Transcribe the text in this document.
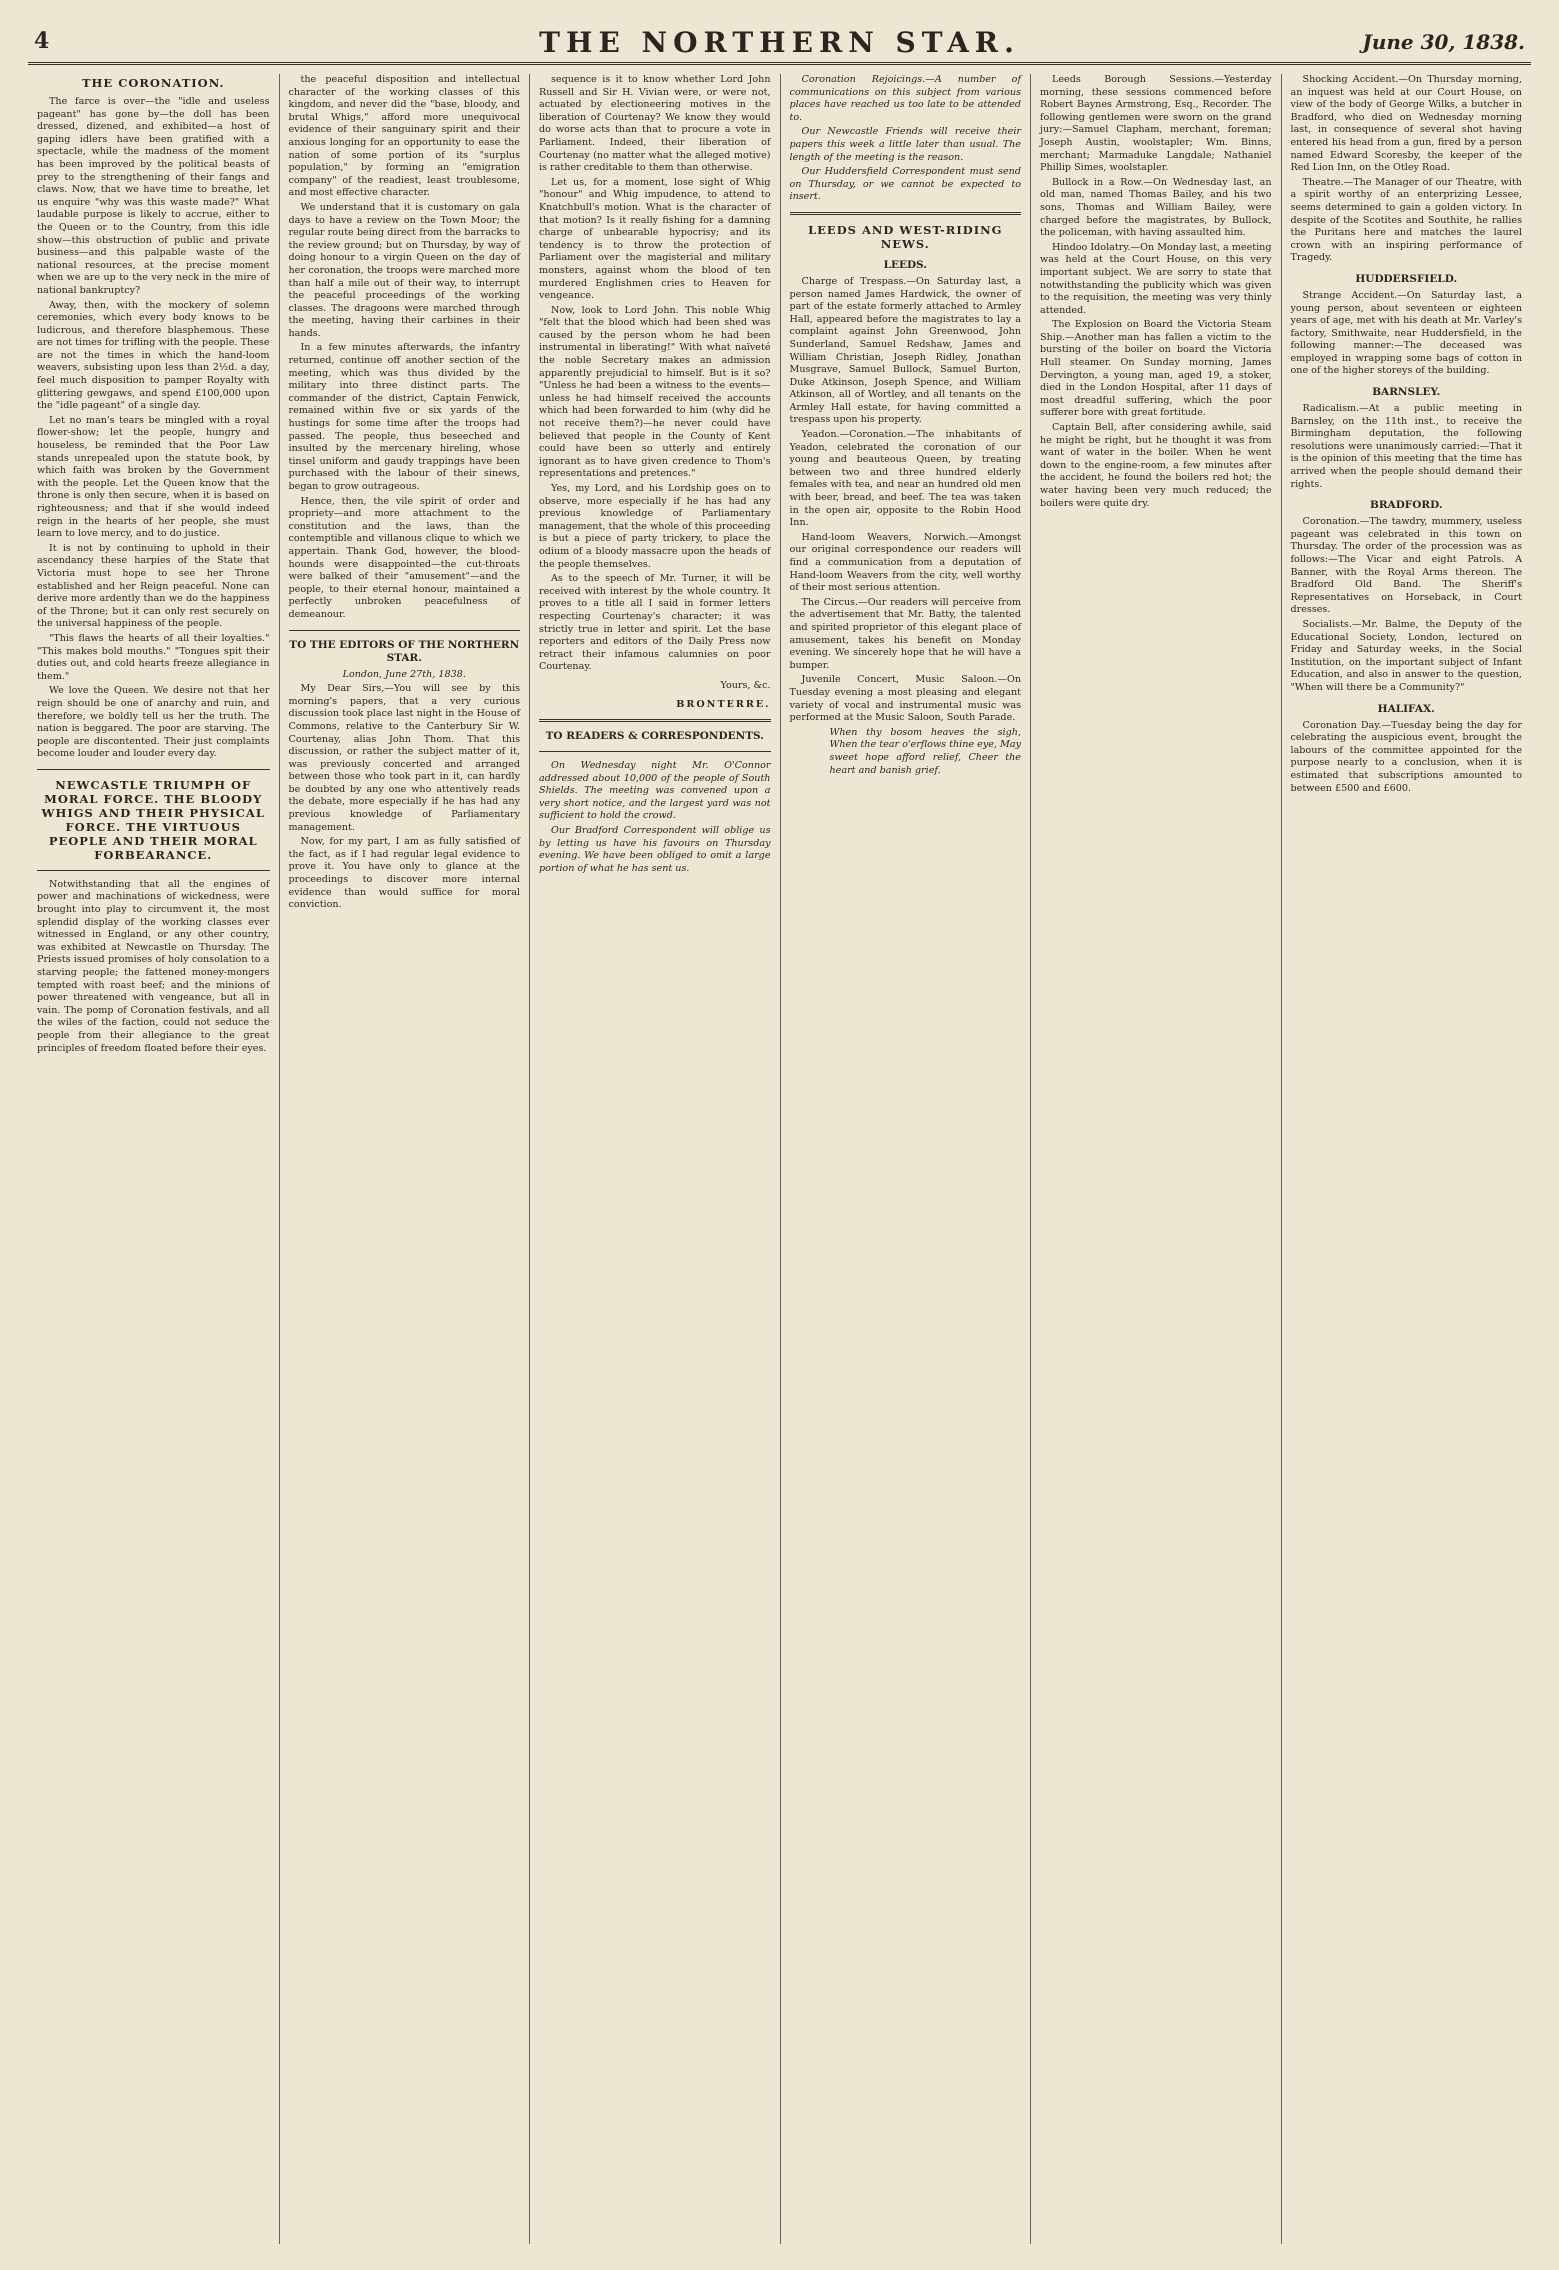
4	THE NORTHERN STAR.	June 30, 1838.
THE CORONATION.

The farce is over—the "idle and useless pageant" has gone by—the doll has been dressed, dizened, and exhibited—a host of gaping idlers have been gratified with a spectacle, while the madness of the moment has been improved by the political beasts of prey to the strengthening of their fangs and claws. Now, that we have time to breathe, let us enquire "why was this waste made?" What laudable purpose is likely to accrue, either to the Queen or to the Country, from this idle show—this obstruction of public and private business—and this palpable waste of the national resources, at the precise moment when we are up to the very neck in the mire of national bankruptcy?

Away, then, with the mockery of solemn ceremonies, which every body knows to be ludicrous, and therefore blasphemous. These are not times for trifling with the people. These are not the times in which the hand-loom weavers, subsisting upon less than 2½d. a day, feel much disposition to pamper Royalty with glittering gewgaws, and spend £100,000 upon the "idle pageant" of a single day.

Let no man's tears be mingled with a royal flower-show; let the people, hungry and houseless, be reminded that the Poor Law stands unrepealed upon the statute book, by which faith was broken by the Government with the people. Let the Queen know that the throne is only then secure, when it is based on righteousness; and that if she would indeed reign in the hearts of her people, she must learn to love mercy, and to do justice.

It is not by continuing to uphold in their ascendancy these harpies of the State that Victoria must hope to see her Throne established and her Reign peaceful. None can derive more ardently than we do the happiness of the Throne; but it can only rest securely on the universal happiness of the people.

"This flaws the hearts of all their loyalties." "This makes bold mouths." "Tongues spit their duties out, and cold hearts freeze allegiance in them."

We love the Queen. We desire not that her reign should be one of anarchy and ruin, and therefore, we boldly tell us her the truth. The nation is beggared. The poor are starving. The people are discontented. Their just complaints become louder and louder every day.

NEWCASTLE TRIUMPH OF MORAL FORCE. THE BLOODY WHIGS AND THEIR PHYSICAL FORCE. THE VIRTUOUS PEOPLE AND THEIR MORAL FORBEARANCE.

Notwithstanding that all the engines of power and machinations of wickedness, were brought into play to circumvent it, the most splendid display of the working classes ever witnessed in England, or any other country, was exhibited at Newcastle on Thursday. The Priests issued promises of holy consolation to a starving people; the fattened money-mongers tempted with roast beef; and the minions of power threatened with vengeance, but all in vain. The pomp of Coronation festivals, and all the wiles of the faction, could not seduce the people from their allegiance to the great principles of freedom floated before their eyes.

the peaceful disposition and intellectual character of the working classes of this kingdom, and never did the "base, bloody, and brutal Whigs," afford more unequivocal evidence of their sanguinary spirit and their anxious longing for an opportunity to ease the nation of some portion of its "surplus population," by forming an "emigration company" of the readiest, least troublesome, and most effective character.

We understand that it is customary on gala days to have a review on the Town Moor; the regular route being direct from the barracks to the review ground; but on Thursday, by way of doing honour to a virgin Queen on the day of her coronation, the troops were marched more than half a mile out of their way, to interrupt the peaceful proceedings of the working classes. The dragoons were marched through the meeting, having their carbines in their hands.

In a few minutes afterwards, the infantry returned, continue off another section of the meeting, which was thus divided by the military into three distinct parts. The commander of the district, Captain Fenwick, remained within five or six yards of the hustings for some time after the troops had passed. The people, thus beseeched and insulted by the mercenary hireling, whose tinsel uniform and gaudy trappings have been purchased with the labour of their sinews, began to grow outrageous.

Hence, then, the vile spirit of order and propriety—and more attachment to the constitution and the laws, than the contemptible and villanous clique to which we appertain. Thank God, however, the blood-hounds were disappointed—the cut-throats were balked of their "amusement"—and the people, to their eternal honour, maintained a perfectly unbroken peacefulness of demeanour.

TO THE EDITORS OF THE NORTHERN STAR.

London, June 27th, 1838.

My Dear Sirs,—You will see by this morning's papers, that a very curious discussion took place last night in the House of Commons, relative to the Canterbury Sir W. Courtenay, alias John Thom. That this discussion, or rather the subject matter of it, was previously concerted and arranged between those who took part in it, can hardly be doubted by any one who attentively reads the debate, more especially if he has had any previous knowledge of Parliamentary management.

Now, for my part, I am as fully satisfied of the fact, as if I had regular legal evidence to prove it. You have only to glance at the proceedings to discover more internal evidence than would suffice for moral conviction.

sequence is it to know whether Lord John Russell and Sir H. Vivian were, or were not, actuated by electioneering motives in the liberation of Courtenay? We know they would do worse acts than that to procure a vote in Parliament. Indeed, their liberation of Courtenay (no matter what the alleged motive) is rather creditable to them than otherwise.

Let us, for a moment, lose sight of Whig "honour" and Whig impudence, to attend to Knatchbull's motion. What is the character of that motion? Is it really fishing for a damning charge of unbearable hypocrisy; and its tendency is to throw the protection of Parliament over the magisterial and military monsters, against whom the blood of ten murdered Englishmen cries to Heaven for vengeance.

Now, look to Lord John. This noble Whig "felt that the blood which had been shed was caused by the person whom he had been instrumental in liberating!" With what naïveté the noble Secretary makes an admission apparently prejudicial to himself. But is it so? "Unless he had been a witness to the events—unless he had himself received the accounts which had been forwarded to him (why did he not receive them?)—he never could have believed that people in the County of Kent could have been so utterly and entirely ignorant as to have given credence to Thom's representations and pretences."

Yes, my Lord, and his Lordship goes on to observe, more especially if he has had any previous knowledge of Parliamentary management, that the whole of this proceeding is but a piece of party trickery, to place the odium of a bloody massacre upon the heads of the people themselves.

As to the speech of Mr. Turner, it will be received with interest by the whole country. It proves to a title all I said in former letters respecting Courtenay's character; it was strictly true in letter and spirit. Let the base reporters and editors of the Daily Press now retract their infamous calumnies on poor Courtenay.

Yours, &c.

BRONTERRE.

TO READERS & CORRESPONDENTS.

On Wednesday night Mr. O'Connor addressed about 10,000 of the people of South Shields. The meeting was convened upon a very short notice, and the largest yard was not sufficient to hold the crowd.

Our Bradford Correspondent will oblige us by letting us have his favours on Thursday evening. We have been obliged to omit a large portion of what he has sent us.

Coronation Rejoicings.—A number of communications on this subject from various places have reached us too late to be attended to.

Our Newcastle Friends will receive their papers this week a little later than usual. The length of the meeting is the reason.

Our Huddersfield Correspondent must send on Thursday, or we cannot be expected to insert.

LEEDS AND WEST-RIDING NEWS.
LEEDS.

Charge of Trespass.—On Saturday last, a person named James Hardwick, the owner of part of the estate formerly attached to Armley Hall, appeared before the magistrates to lay a complaint against John Greenwood, John Sunderland, Samuel Redshaw, James and William Christian, Joseph Ridley, Jonathan Musgrave, Samuel Bullock, Samuel Burton, Duke Atkinson, Joseph Spence, and William Atkinson, all of Wortley, and all tenants on the Armley Hall estate, for having committed a trespass upon his property.

Yeadon.—Coronation.—The inhabitants of Yeadon, celebrated the coronation of our young and beauteous Queen, by treating between two and three hundred elderly females with tea, and near an hundred old men with beer, bread, and beef. The tea was taken in the open air, opposite to the Robin Hood Inn.

Hand-loom Weavers, Norwich.—Amongst our original correspondence our readers will find a communication from a deputation of Hand-loom Weavers from the city, well worthy of their most serious attention.

The Circus.—Our readers will perceive from the advertisement that Mr. Batty, the talented and spirited proprietor of this elegant place of amusement, takes his benefit on Monday evening. We sincerely hope that he will have a bumper.

Juvenile Concert, Music Saloon.—On Tuesday evening a most pleasing and elegant variety of vocal and instrumental music was performed at the Music Saloon, South Parade.

When thy bosom heaves the sigh, When the tear o'erflows thine eye, May sweet hope afford relief, Cheer the heart and banish grief.

Leeds Borough Sessions.—Yesterday morning, these sessions commenced before Robert Baynes Armstrong, Esq., Recorder. The following gentlemen were sworn on the grand jury:—Samuel Clapham, merchant, foreman; Joseph Austin, woolstapler; Wm. Binns, merchant; Marmaduke Langdale; Nathaniel Phillip Simes, woolstapler.

Bullock in a Row.—On Wednesday last, an old man, named Thomas Bailey, and his two sons, Thomas and William Bailey, were charged before the magistrates, by Bullock, the policeman, with having assaulted him.

Hindoo Idolatry.—On Monday last, a meeting was held at the Court House, on this very important subject. We are sorry to state that notwithstanding the publicity which was given to the requisition, the meeting was very thinly attended.

The Explosion on Board the Victoria Steam Ship.—Another man has fallen a victim to the bursting of the boiler on board the Victoria Hull steamer. On Sunday morning, James Dervington, a young man, aged 19, a stoker, died in the London Hospital, after 11 days of most dreadful suffering, which the poor sufferer bore with great fortitude.

Captain Bell, after considering awhile, said he might be right, but he thought it was from want of water in the boiler. When he went down to the engine-room, a few minutes after the accident, he found the boilers red hot; the water having been very much reduced; the boilers were quite dry.

Shocking Accident.—On Thursday morning, an inquest was held at our Court House, on view of the body of George Wilks, a butcher in Bradford, who died on Wednesday morning last, in consequence of several shot having entered his head from a gun, fired by a person named Edward Scoresby, the keeper of the Red Lion Inn, on the Otley Road.

Theatre.—The Manager of our Theatre, with a spirit worthy of an enterprizing Lessee, seems determined to gain a golden victory. In despite of the Scotites and Southite, he rallies the Puritans here and matches the laurel crown with an inspiring performance of Tragedy.

HUDDERSFIELD.

Strange Accident.—On Saturday last, a young person, about seventeen or eighteen years of age, met with his death at Mr. Varley's factory, Smithwaite, near Huddersfield, in the following manner:—The deceased was employed in wrapping some bags of cotton in one of the higher storeys of the building.

BARNSLEY.

Radicalism.—At a public meeting in Barnsley, on the 11th inst., to receive the Birmingham deputation, the following resolutions were unanimously carried:—That it is the opinion of this meeting that the time has arrived when the people should demand their rights.

BRADFORD.

Coronation.—The tawdry, mummery, useless pageant was celebrated in this town on Thursday. The order of the procession was as follows:—The Vicar and eight Patrols. A Banner, with the Royal Arms thereon. The Bradford Old Band. The Sheriff's Representatives on Horseback, in Court dresses.

Socialists.—Mr. Balme, the Deputy of the Educational Society, London, lectured on Friday and Saturday weeks, in the Social Institution, on the important subject of Infant Education, and also in answer to the question, "When will there be a Community?"

HALIFAX.

Coronation Day.—Tuesday being the day for celebrating the auspicious event, brought the labours of the committee appointed for the purpose nearly to a conclusion, when it is estimated that subscriptions amounted to between £500 and £600.
